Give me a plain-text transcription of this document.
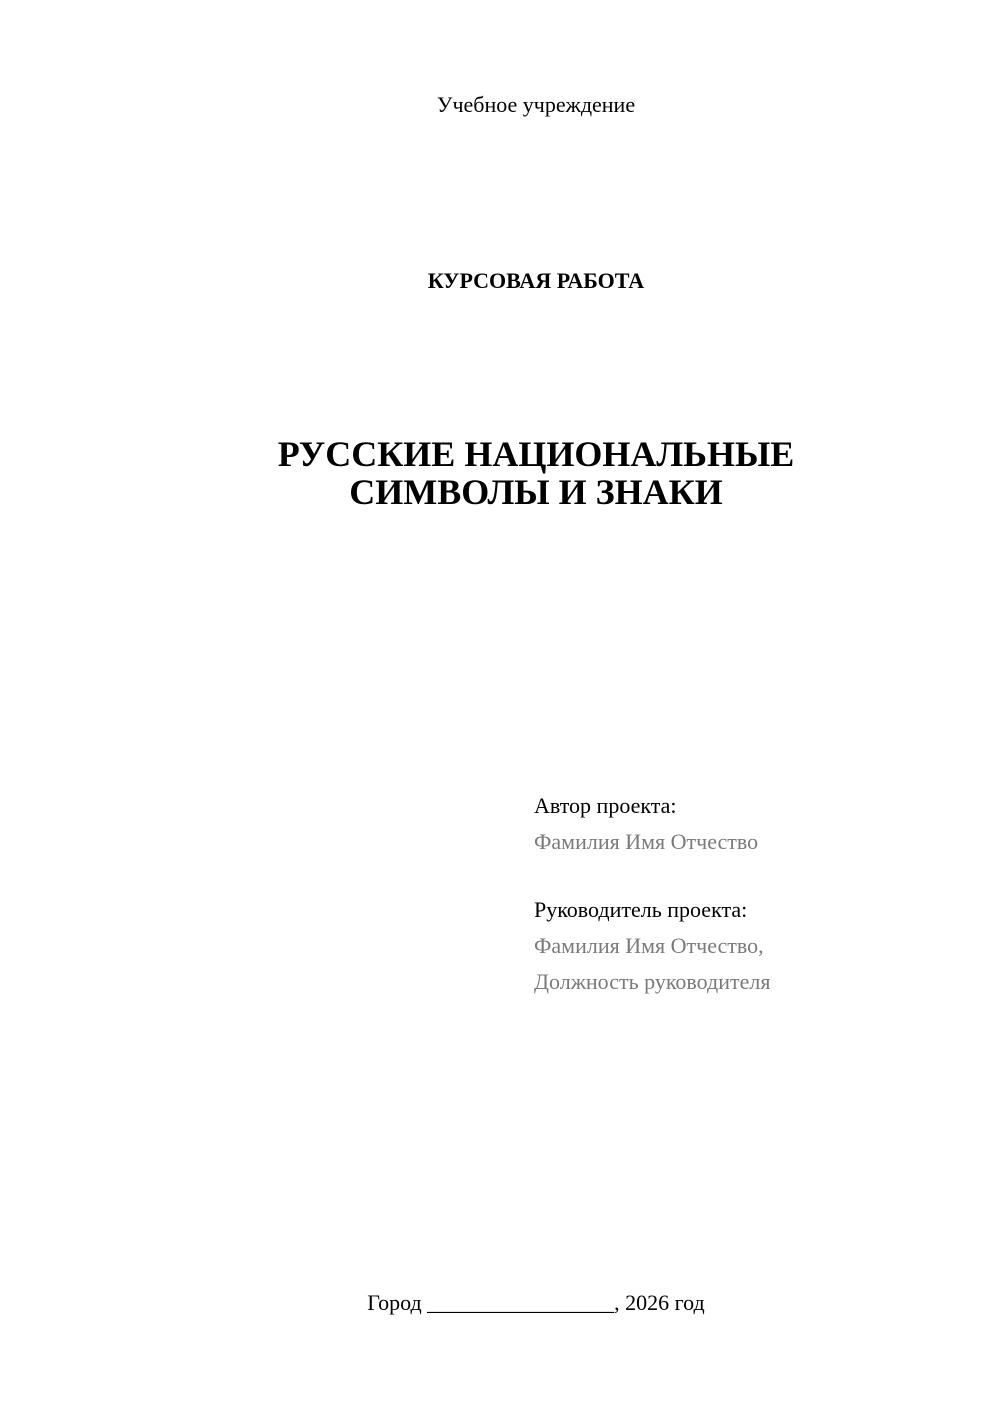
Учебное учреждение
КУРСОВАЯ РАБОТА
РУССКИЕ НАЦИОНАЛЬНЫЕ
СИМВОЛЫ И ЗНАКИ
Автор проекта:
Фамилия Имя Отчество
Руководитель проекта:
Фамилия Имя Отчество,
Должность руководителя
Город _________________, 2026 год
